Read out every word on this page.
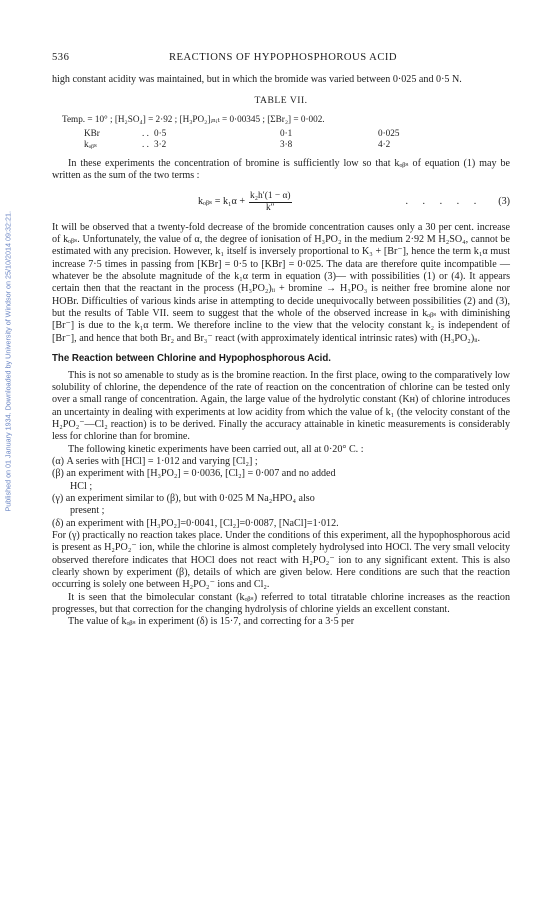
Published on 01 January 1934. Downloaded by University of Windsor on 25/10/2014 09:32:21.
536	REACTIONS OF HYPOPHOSPHOROUS ACID

high constant acidity was maintained, but in which the bromide was varied between 0·025 and 0·5 N.

TABLE VII.
Temp. = 10° ; [H₂SO₄] = 2·92 ; [H₃PO₂]ᵢₙᵢₜ = 0·00345 ; [ΣBr₂] = 0·002.
KBr	. . 0·5	0·1	0·025
kₒᵦₛ	. . 3·2	3·8	4·2

In these experiments the concentration of bromine is sufficiently low so that kₒᵦₛ of equation (1) may be written as the sum of the two terms :

kₒᵦₛ = $k_1\alpha + \frac{\text{k₂h′(1 − α)}}{k''}$	. . . . .	(3)

It will be observed that a twenty-fold decrease of the bromide concentration causes only a 30 per cent. increase of kₒᵦₛ. Unfortunately, the value of α, the degree of ionisation of H₃PO₂ in the medium 2·92 M H₂SO₄, cannot be estimated with any precision. However, k₁ itself is inversely proportional to K₃ + [Br⁻], hence the term k₁α must increase 7·5 times in passing from [KBr] = 0·5 to [KBr] = 0·025. The data are therefore quite incompatible —whatever be the absolute magnitude of the k₁α term in equation (3)— with possibilities (1) or (4). It appears certain then that the reactant in the process (H₃PO₂)ᵢᵢ + bromine → H₃PO₃ is neither free bromine alone nor HOBr. Difficulties of various kinds arise in attempting to decide unequivocally between possibilities (2) and (3), but the results of Table VII. seem to suggest that the whole of the observed increase in kₒᵦₛ with diminishing [Br⁻] is due to the k₁α term. We therefore incline to the view that the velocity constant k₂ is independent of [Br⁻], and hence that both Br₂ and Br₃⁻ react (with approximately identical intrinsic rates) with (H₃PO₂)ᵢᵢ.

The Reaction between Chlorine and Hypophosphorous Acid.

This is not so amenable to study as is the bromine reaction. In the first place, owing to the comparatively low solubility of chlorine, the dependence of the rate of reaction on the concentration of chlorine can be tested only over a small range of concentration. Again, the large value of the hydrolytic constant (Kʜ) of chlorine introduces an uncertainty in dealing with experiments at low acidity from which the value of k₁ (the velocity constant of the H₂PO₂⁻—Cl₂ reaction) is to be derived. Finally the accuracy attainable in kinetic measurements is considerably less for chlorine than for bromine.

The following kinetic experiments have been carried out, all at 0·20° C. :

(α) A series with [HCl] = 1·012 and varying [Cl₂] ;

(β) an experiment with [H₃PO₂] = 0·0036, [Cl₂] = 0·007 and no added

HCl ;

(γ) an experiment similar to (β), but with 0·025 M Na₂HPO₄ also

present ;

(δ) an experiment with [H₃PO₂]=0·0041, [Cl₂]=0·0087, [NaCl]=1·012.

For (γ) practically no reaction takes place. Under the conditions of this experiment, all the hypophosphorous acid is present as H₂PO₂⁻ ion, while the chlorine is almost completely hydrolysed into HOCl. The very small velocity observed therefore indicates that HOCl does not react with H₂PO₂⁻ ion to any significant extent. This is also clearly shown by experiment (β), details of which are given below. Here conditions are such that the reaction occurring is solely one between H₂PO₂⁻ ions and Cl₂.

It is seen that the bimolecular constant (kₒᵦₛ) referred to total titratable chlorine increases as the reaction progresses, but that correction for the changing hydrolysis of chlorine yields an excellent constant.

The value of kₒᵦₛ in experiment (δ) is 15·7, and correcting for a 3·5 per
